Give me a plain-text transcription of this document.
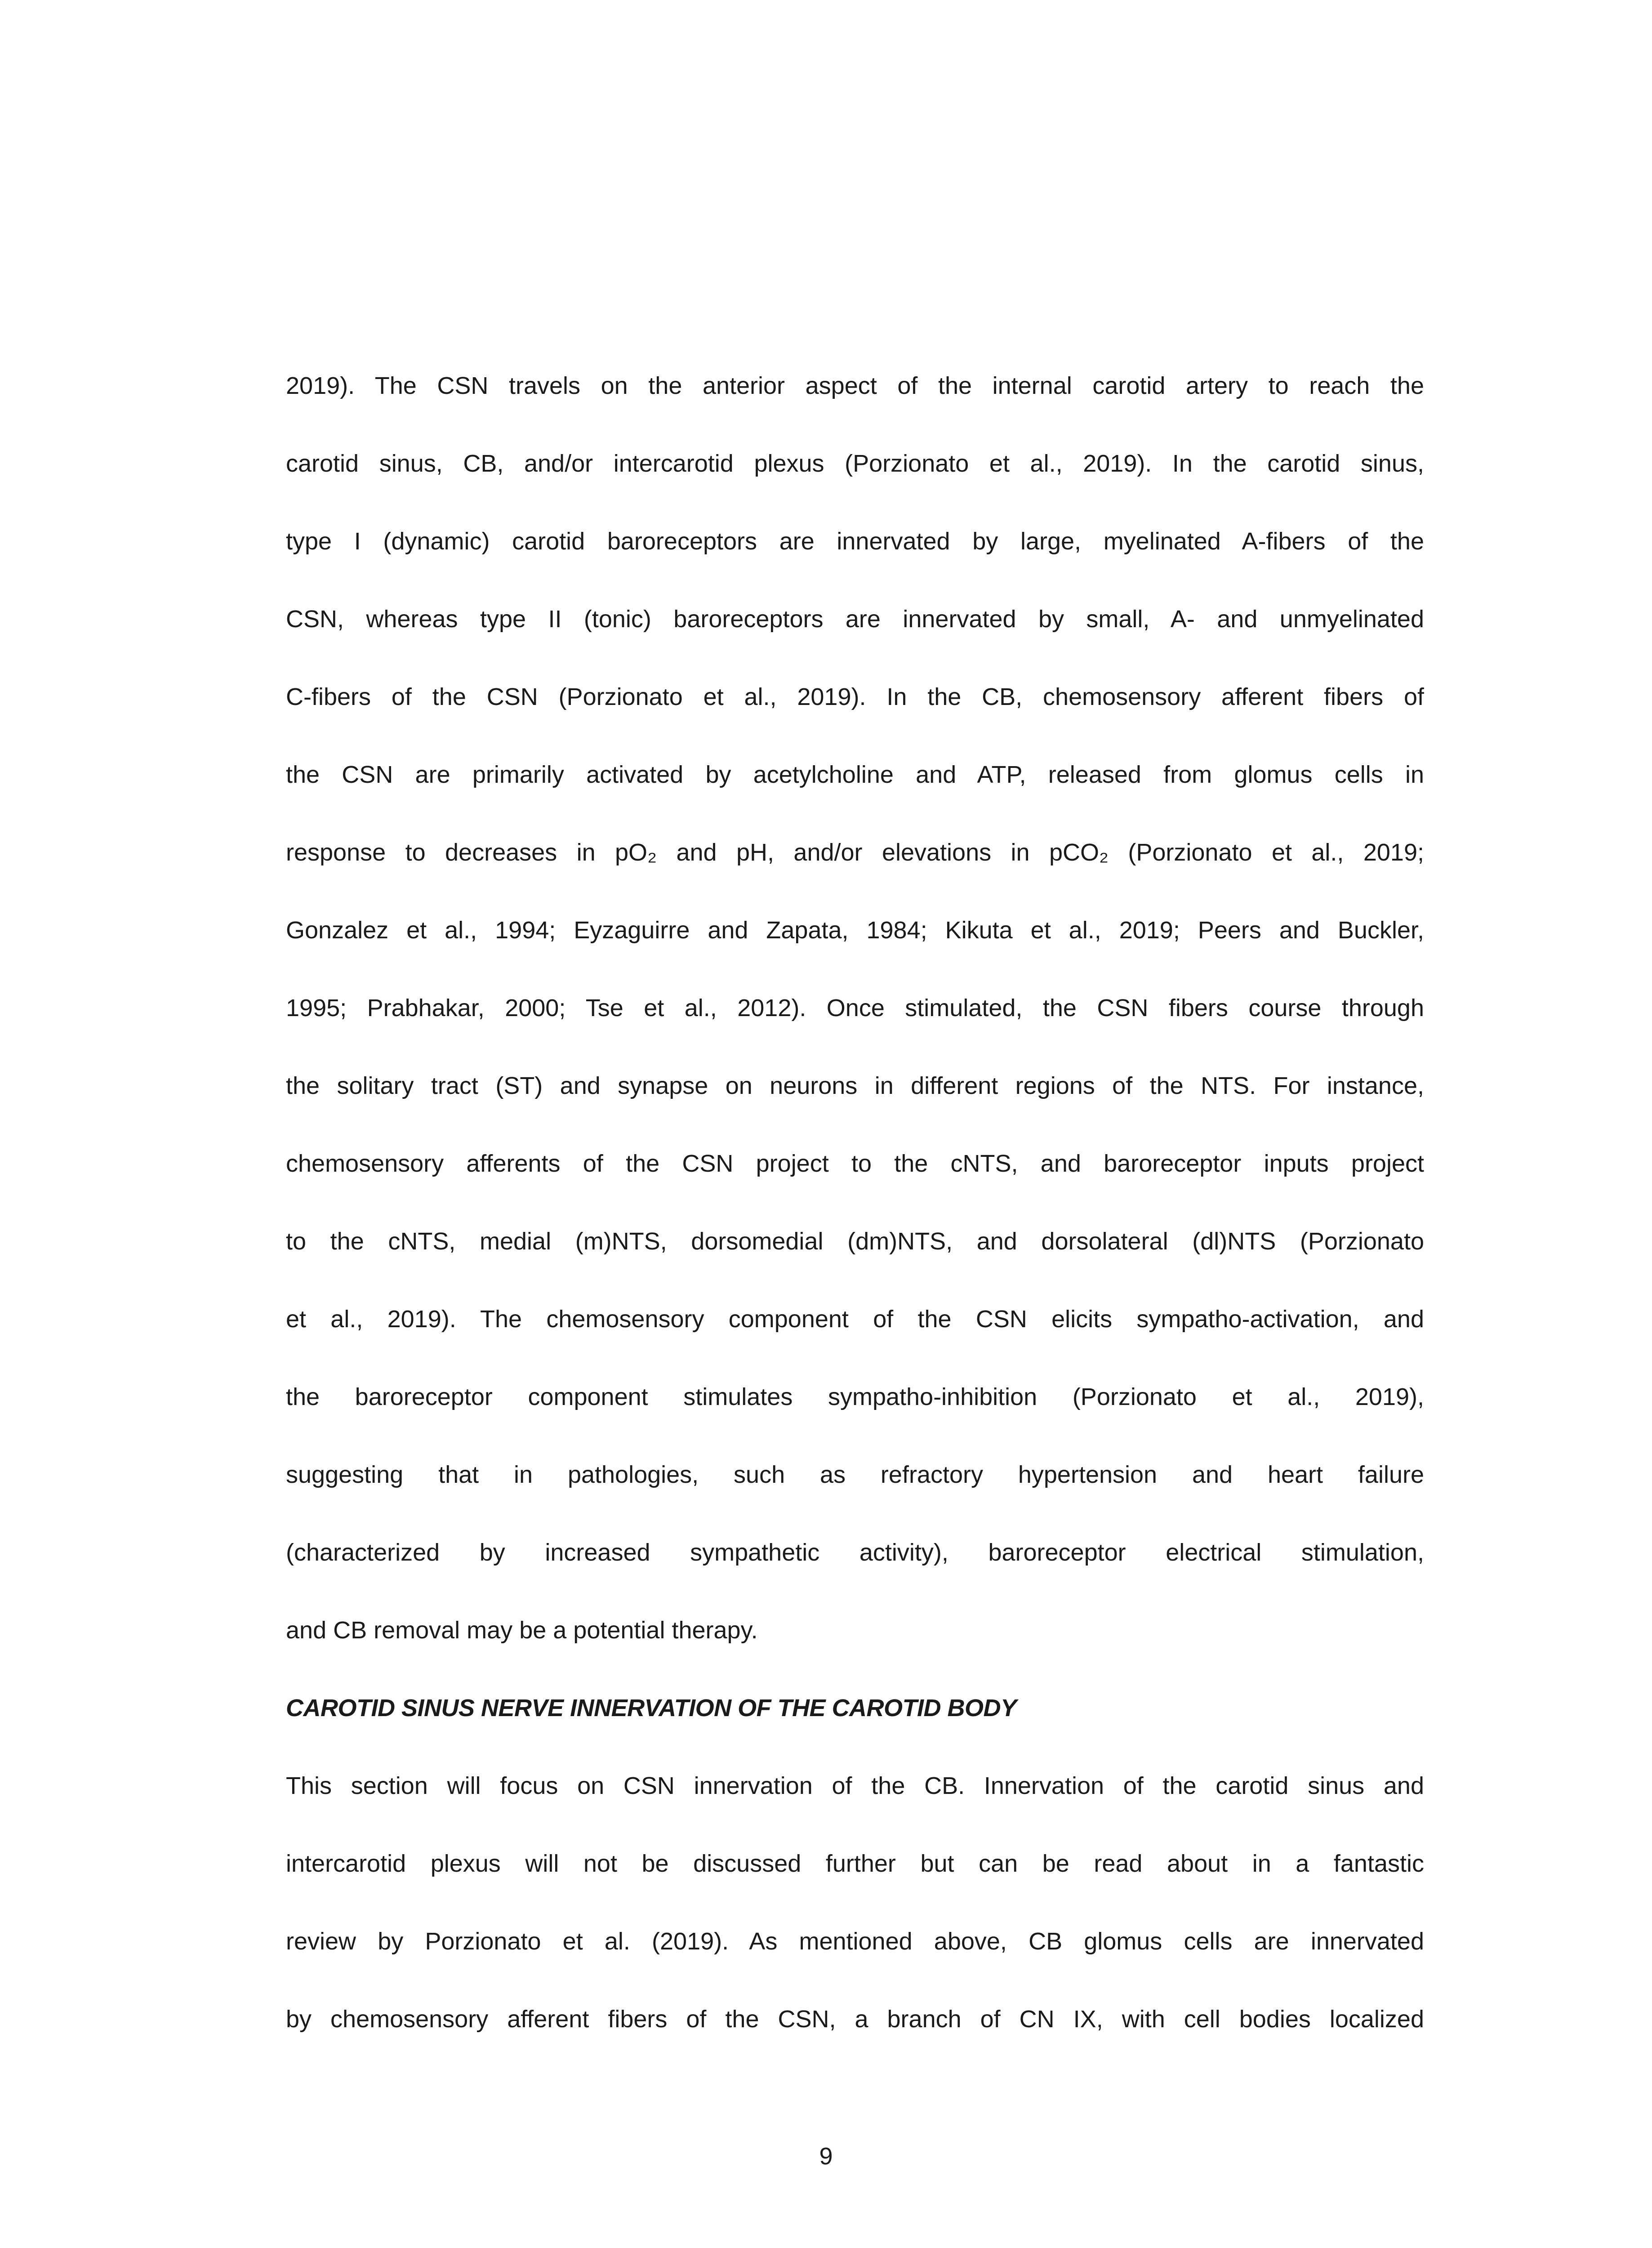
2019). The CSN travels on the anterior aspect of the internal carotid artery to reach the
carotid sinus, CB, and/or intercarotid plexus (Porzionato et al., 2019). In the carotid sinus,
type I (dynamic) carotid baroreceptors are innervated by large, myelinated A-fibers of the
CSN, whereas type II (tonic) baroreceptors are innervated by small, A- and unmyelinated
C-fibers of the CSN (Porzionato et al., 2019). In the CB, chemosensory afferent fibers of
the CSN are primarily activated by acetylcholine and ATP, released from glomus cells in
response to decreases in pO₂ and pH, and/or elevations in pCO₂ (Porzionato et al., 2019;
Gonzalez et al., 1994; Eyzaguirre and Zapata, 1984; Kikuta et al., 2019; Peers and Buckler,
1995; Prabhakar, 2000; Tse et al., 2012). Once stimulated, the CSN fibers course through
the solitary tract (ST) and synapse on neurons in different regions of the NTS. For instance,
chemosensory afferents of the CSN project to the cNTS, and baroreceptor inputs project
to the cNTS, medial (m)NTS, dorsomedial (dm)NTS, and dorsolateral (dl)NTS (Porzionato
et al., 2019). The chemosensory component of the CSN elicits sympatho-activation, and
the baroreceptor component stimulates sympatho-inhibition (Porzionato et al., 2019),
suggesting that in pathologies, such as refractory hypertension and heart failure
(characterized by increased sympathetic activity), baroreceptor electrical stimulation,
and CB removal may be a potential therapy.
CAROTID SINUS NERVE INNERVATION OF THE CAROTID BODY
This section will focus on CSN innervation of the CB. Innervation of the carotid sinus and
intercarotid plexus will not be discussed further but can be read about in a fantastic
review by Porzionato et al. (2019). As mentioned above, CB glomus cells are innervated
by chemosensory afferent fibers of the CSN, a branch of CN IX, with cell bodies localized
9
